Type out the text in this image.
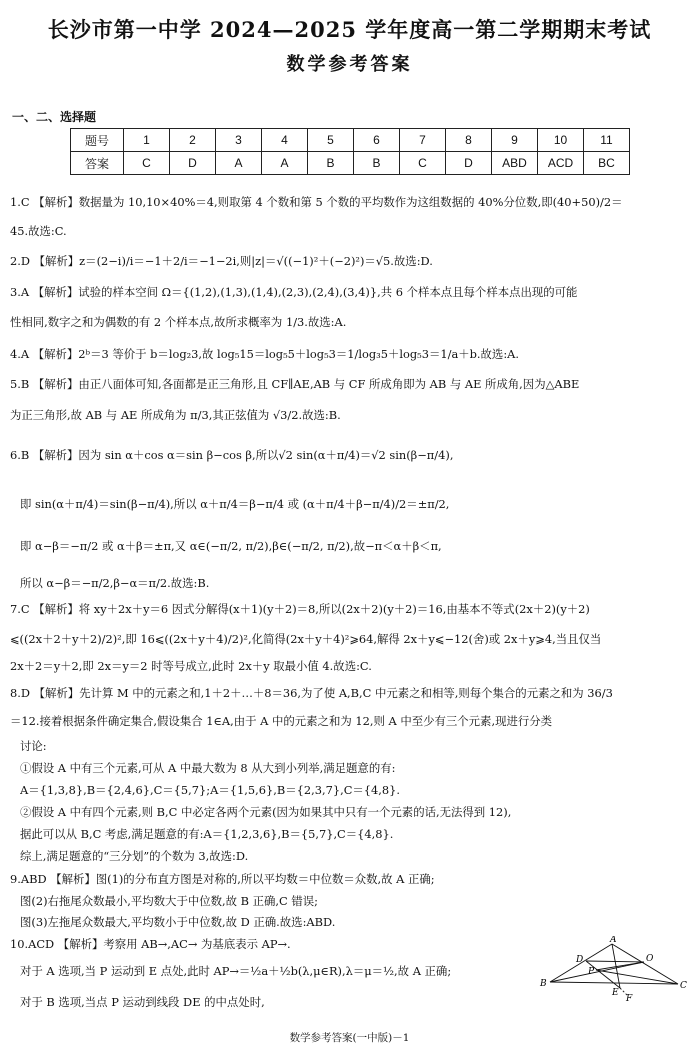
长沙市第一中学 2024—2025 学年度高一第二学期期末考试
数学参考答案
一、二、选择题
题号	1	2	3	4	5	6	7	8	9	10	11
答案	C	D	A	A	B	B	C	D	ABD	ACD	BC
1.C 【解析】数据量为 10,10×40%＝4,则取第 4 个数和第 5 个数的平均数作为这组数据的 40%分位数,即(40+50)/2＝
45.故选:C.
2.D 【解析】z＝(2−i)/i＝−1＋2/i＝−1−2i,则|z|＝√((−1)²＋(−2)²)＝√5.故选:D.
3.A 【解析】试验的样本空间 Ω＝{(1,2),(1,3),(1,4),(2,3),(2,4),(3,4)},共 6 个样本点且每个样本点出现的可能
性相同,数字之和为偶数的有 2 个样本点,故所求概率为 1/3.故选:A.
4.A 【解析】2ᵇ＝3 等价于 b＝log₂3,故 log₅15＝log₅5＋log₅3＝1/log₃5＋log₅3＝1/a＋b.故选:A.
5.B 【解析】由正八面体可知,各面都是正三角形,且 CF∥AE,AB 与 CF 所成角即为 AB 与 AE 所成角,因为△ABE
为正三角形,故 AB 与 AE 所成角为 π/3,其正弦值为 √3/2.故选:B.
6.B 【解析】因为 sin α＋cos α＝sin β−cos β,所以√2 sin(α＋π/4)＝√2 sin(β−π/4),
即 sin(α＋π/4)＝sin(β−π/4),所以 α＋π/4＝β−π/4 或 (α＋π/4＋β−π/4)/2＝±π/2,
即 α−β＝−π/2 或 α＋β＝±π,又 α∈(−π/2, π/2),β∈(−π/2, π/2),故−π＜α＋β＜π,
所以 α−β＝−π/2,β−α＝π/2.故选:B.
7.C 【解析】将 xy＋2x＋y＝6 因式分解得(x＋1)(y＋2)＝8,所以(2x＋2)(y＋2)＝16,由基本不等式(2x＋2)(y＋2)
⩽((2x＋2＋y＋2)/2)²,即 16⩽((2x＋y＋4)/2)²,化简得(2x＋y＋4)²⩾64,解得 2x＋y⩽−12(舍)或 2x＋y⩾4,当且仅当
2x＋2＝y＋2,即 2x＝y＝2 时等号成立,此时 2x＋y 取最小值 4.故选:C.
8.D 【解析】先计算 M 中的元素之和,1＋2＋…＋8＝36,为了使 A,B,C 中元素之和相等,则每个集合的元素之和为 36/3
＝12.接着根据条件确定集合,假设集合 1∈A,由于 A 中的元素之和为 12,则 A 中至少有三个元素,现进行分类
讨论:
①假设 A 中有三个元素,可从 A 中最大数为 8 从大到小列举,满足题意的有:
A＝{1,3,8},B＝{2,4,6},C＝{5,7};A＝{1,5,6},B＝{2,3,7},C＝{4,8}.
②假设 A 中有四个元素,则 B,C 中必定各两个元素(因为如果其中只有一个元素的话,无法得到 12),
据此可以从 B,C 考虑,满足题意的有:A＝{1,2,3,6},B＝{5,7},C＝{4,8}.
综上,满足题意的“三分划”的个数为 3,故选:D.
9.ABD 【解析】图(1)的分布直方图是对称的,所以平均数＝中位数＝众数,故 A 正确;
图(2)右拖尾众数最小,平均数大于中位数,故 B 正确,C 错误;
图(3)左拖尾众数最大,平均数小于中位数,故 D 正确.故选:ABD.
10.ACD 【解析】考察用 AB→,AC→ 为基底表示 AP→.
对于 A 选项,当 P 运动到 E 点处,此时 AP→＝½a＋½b(λ,μ∈R),λ＝μ＝½,故 A 正确;
对于 B 选项,当点 P 运动到线段 DE 的中点处时,
A
D	O
P
B
E
F
C
数学参考答案(一中版)－1
